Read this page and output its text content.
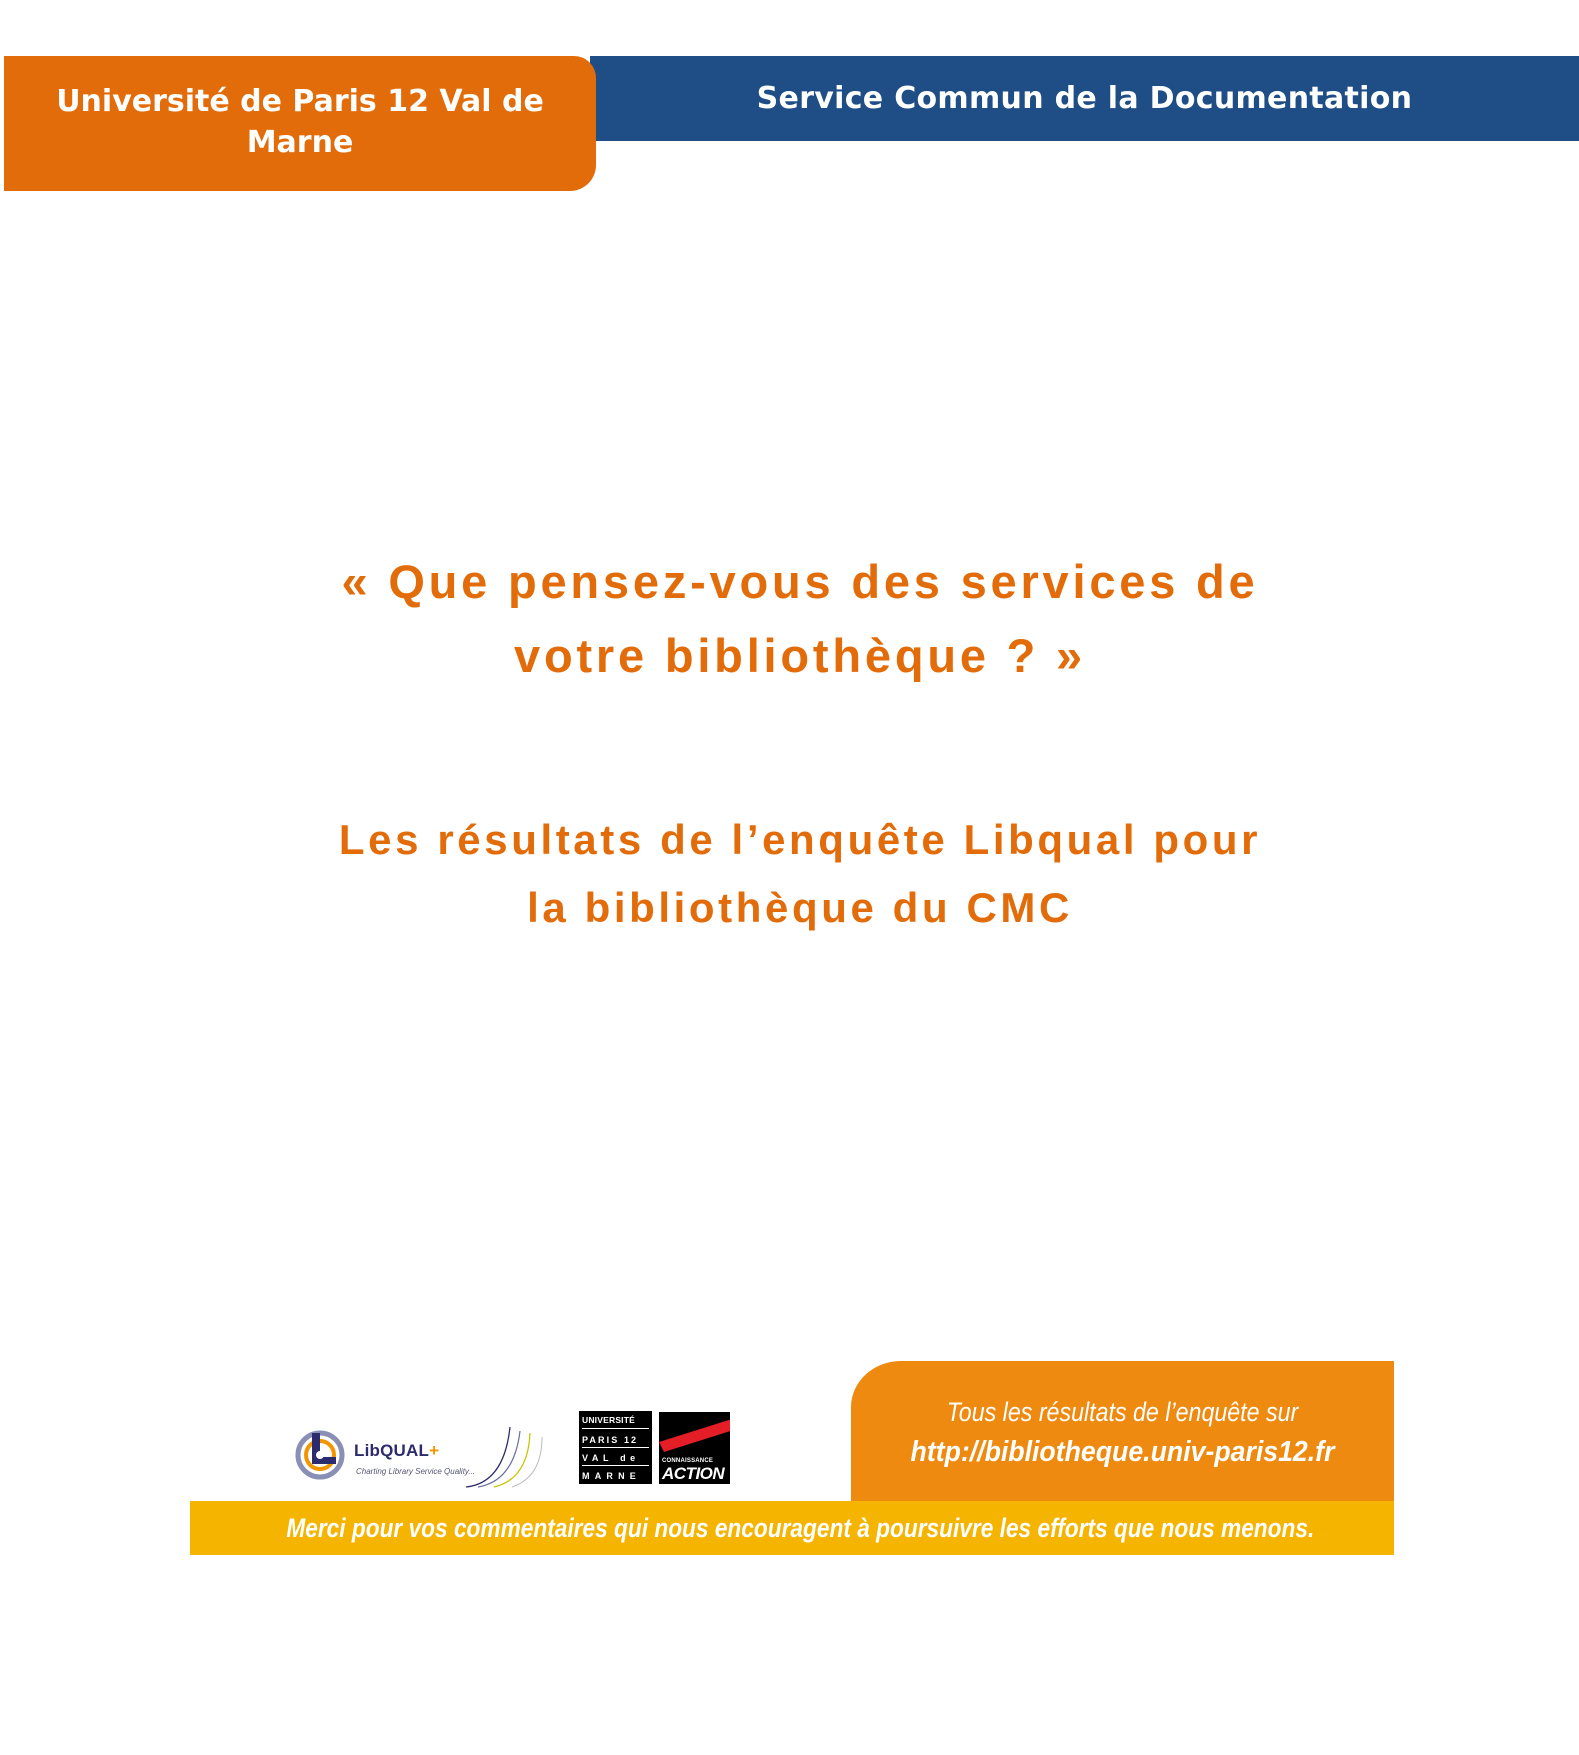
Service Commun de la Documentation
Université de Paris 12 Val de
Marne
« Que pensez-vous des services de
votre bibliothèque ? »
Les résultats de l’enquête Libqual pour
la bibliothèque du CMC
LibQUAL+
Charting Library Service Quality...
UNIVERSITÉ
PARIS 12
VAL de
MARNE
CONNAISSANCE
ACTION
Tous les résultats de l’enquête sur
http://bibliotheque.univ-paris12.fr
Merci pour vos commentaires qui nous encouragent à poursuivre les efforts que nous menons.
